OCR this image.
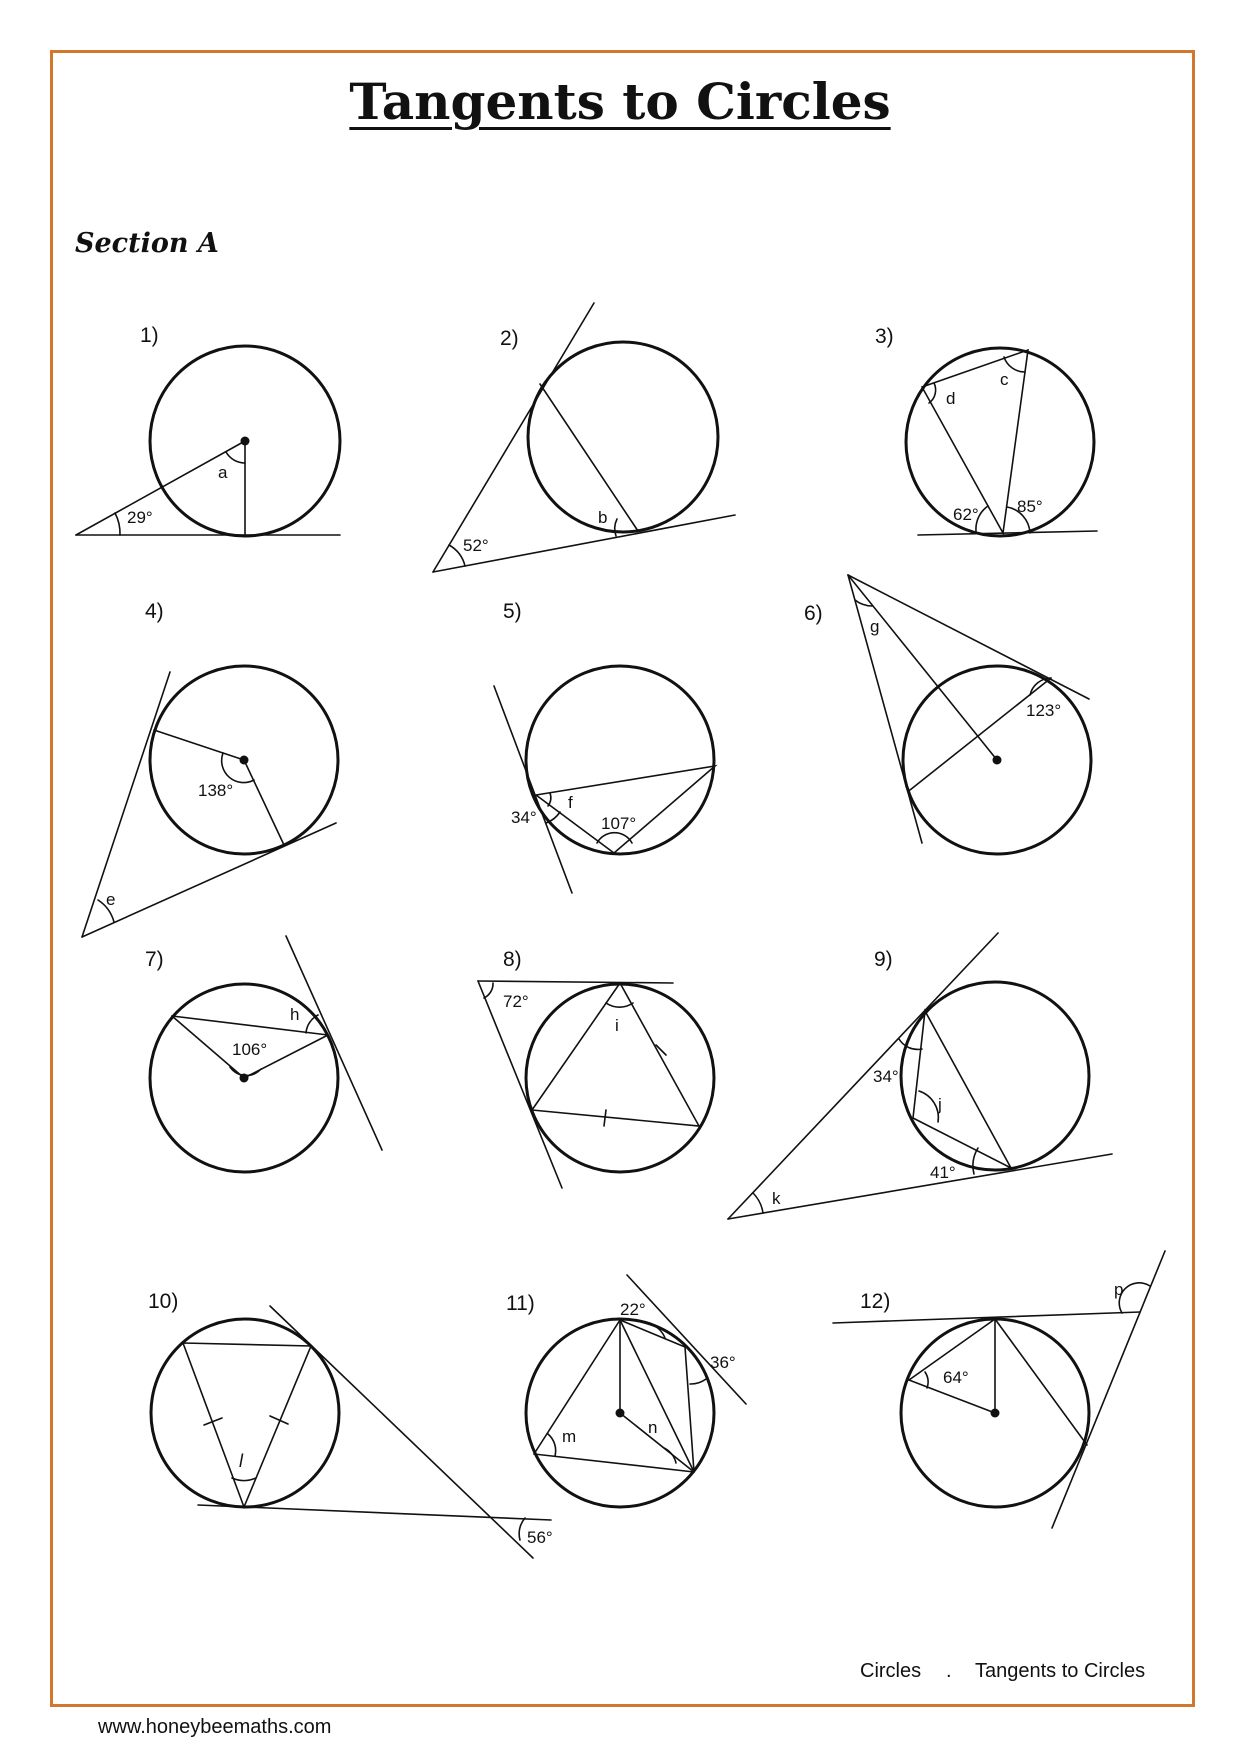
Tangents to Circles
Section A
1)
a
29°
2)
52°
b
3)
c
d
62° 85°
4)
138°
e
5)
f
34°	107°
6)
g
123°
7)
106°
h
8)
72°
i
9)
34°
j
41°
k
10)
l
56°
11)	22°
36°
m	n
12)
64°
p
Circles . Tangents to Circles
www.honeybeemaths.com
